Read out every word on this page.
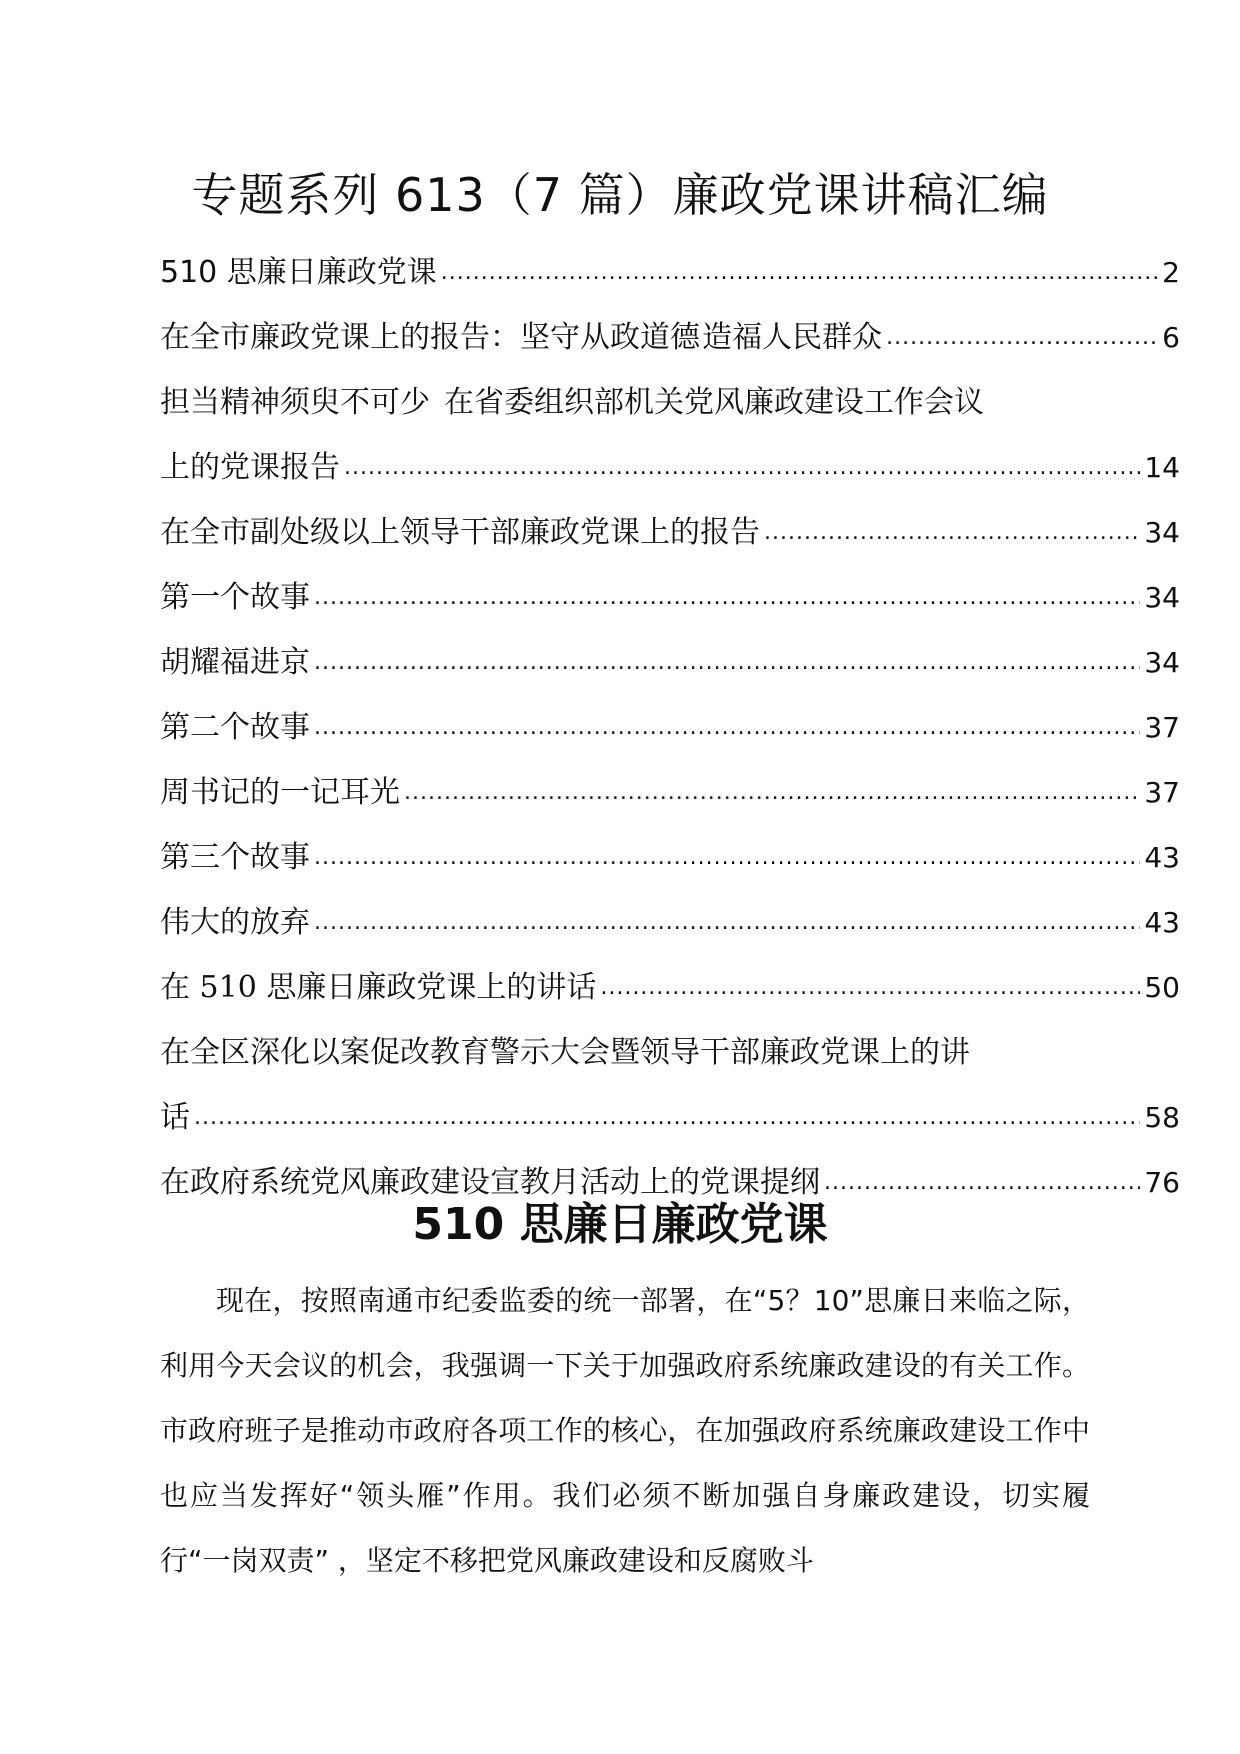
专题系列 613（7 篇）廉政党课讲稿汇编
510 思廉日廉政党课 .....	2
在全市廉政党课上的报告：坚守从政道德 造福人民群众 .....	6
担当精神须臾不可少 在省委组织部机关党风廉政建设工作会议
上的党课报告 .....	14
在全市副处级以上领导干部廉政党课上的报告 .....	34
第一个故事 .....	34
胡耀福进京 .....	34
第二个故事 .....	37
周书记的一记耳光 .....	37
第三个故事 .....	43
伟大的放弃 .....	43
在 510 思廉日廉政党课上的讲话 .....	50
在全区深化以案促改教育警示大会暨领导干部廉政党课上的讲
话 .....	58
在政府系统党风廉政建设宣教月活动上的党课提纲 .....	76
510 思廉日廉政党课

现在，按照南通市纪委监委的统一部署，在“5？10”思廉日来临之际，利用今天会议的机会，我强调一下关于加强政府系统廉政建设的有关工作。市政府班子是推动市政府各项工作的核心，在加强政府系统廉政建设工作中也应当发挥好“领头雁”作用。我们必须不断加强自身廉政建设，切实履行“一岗双责” ，坚定不移把党风廉政建设和反腐败斗
